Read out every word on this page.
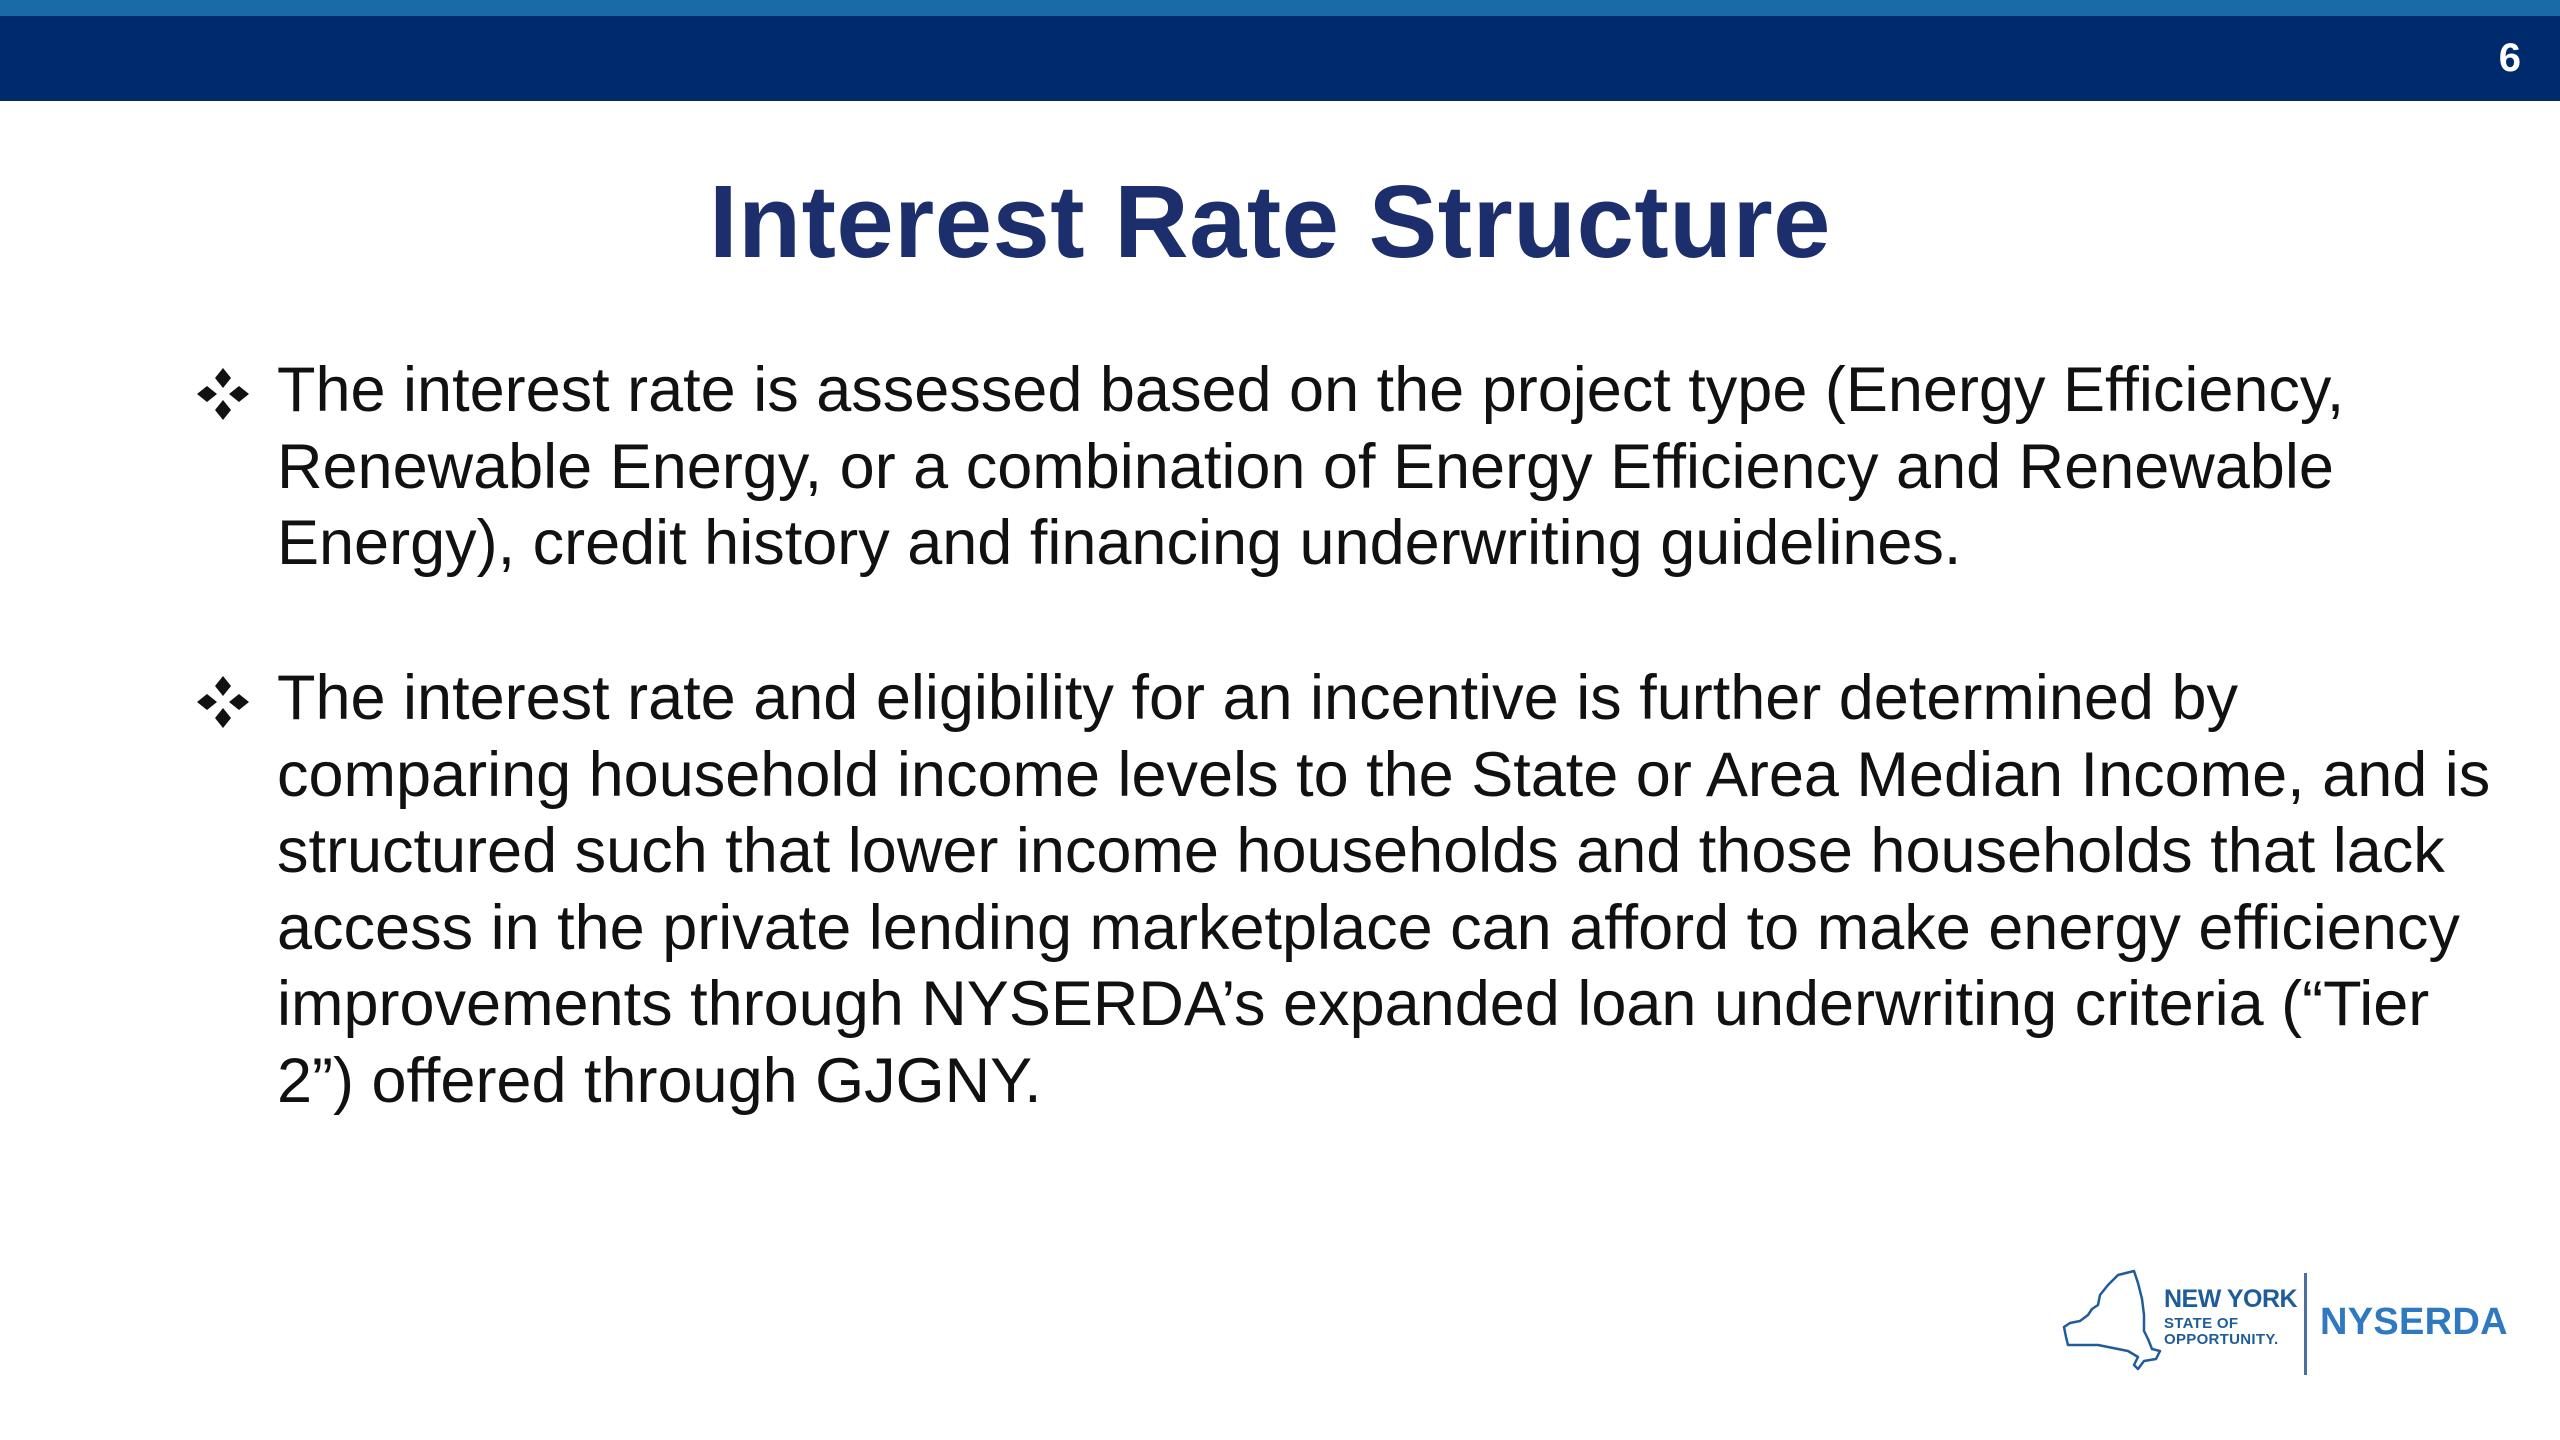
6
Interest Rate Structure
The interest rate is assessed based on the project type (Energy Efficiency, Renewable Energy, or a combination of Energy Efficiency and Renewable Energy), credit history and financing underwriting guidelines.
The interest rate and eligibility for an incentive is further determined by comparing household income levels to the State or Area Median Income, and is structured such that lower income households and those households that lack access in the private lending marketplace can afford to make energy efficiency improvements through NYSERDA’s expanded loan underwriting criteria (“Tier 2”) offered through GJGNY.
NEW YORK
STATE OF
OPPORTUNITY.	NYSERDA
